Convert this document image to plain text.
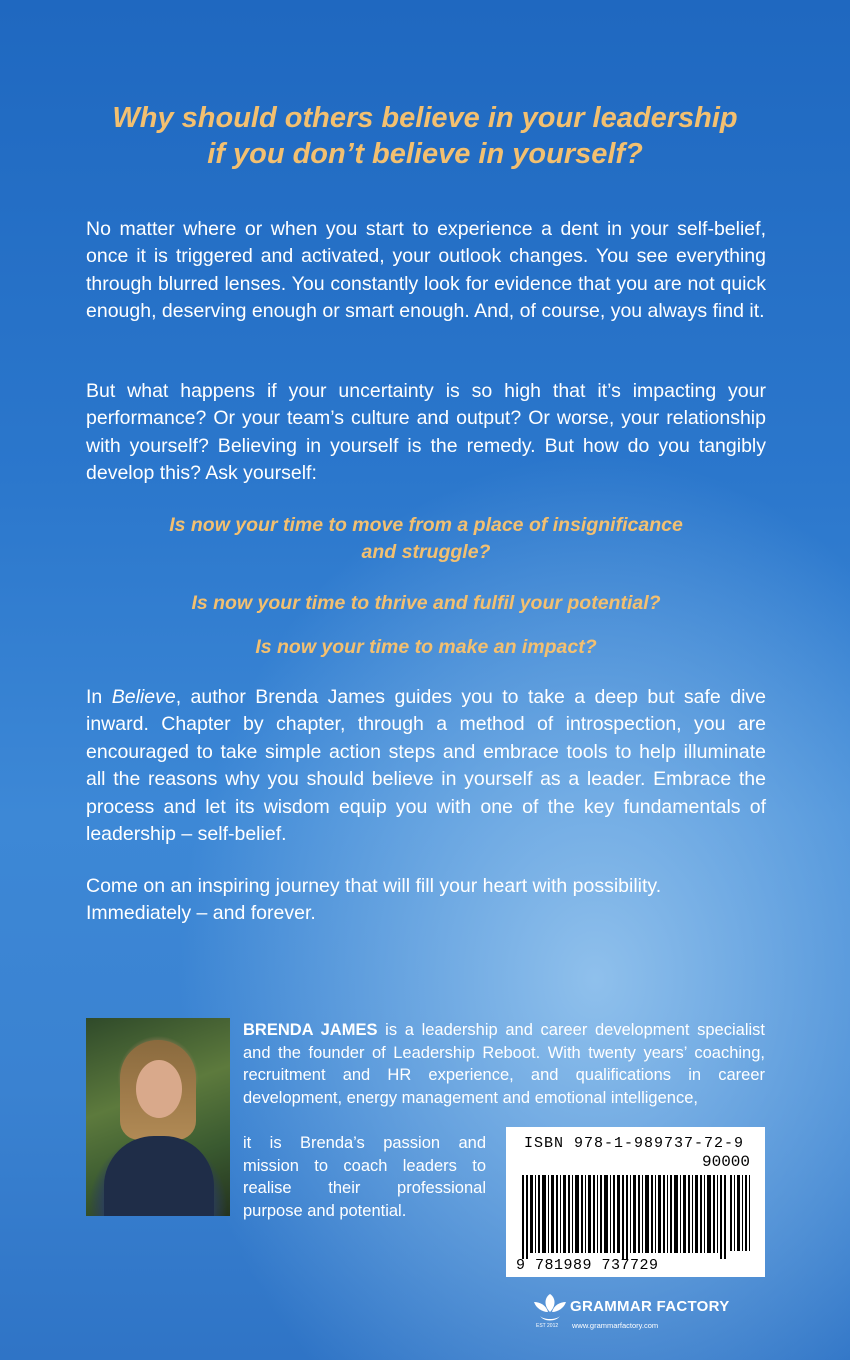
Why should others believe in your leadership
if you don’t believe in yourself?
No matter where or when you start to experience a dent in your self-belief, once it is triggered and activated, your outlook changes. You see everything through blurred lenses. You constantly look for evidence that you are not quick enough, deserving enough or smart enough. And, of course, you always find it.
But what happens if your uncertainty is so high that it’s impacting your performance? Or your team’s culture and output? Or worse, your relationship with yourself? Believing in yourself is the remedy. But how do you tangibly develop this? Ask yourself:
Is now your time to move from a place of insignificance
and struggle?
Is now your time to thrive and fulfil your potential?
Is now your time to make an impact?
In Believe, author Brenda James guides you to take a deep but safe dive inward. Chapter by chapter, through a method of introspection, you are encouraged to take simple action steps and embrace tools to help illuminate all the reasons why you should believe in yourself as a leader. Embrace the process and let its wisdom equip you with one of the key fundamentals of leadership – self-belief.
Come on an inspiring journey that will fill your heart with possibility. Immediately – and forever.
BRENDA JAMES is a leadership and career development specialist and the founder of Leadership Reboot. With twenty years’ coaching, recruitment and HR experience, and qualifications in career development, energy management and emotional intelligence,
it is Brenda’s passion and mission to coach leaders to realise their professional purpose and potential.
ISBN 978-1-989737-72-9
90000
9 781989 737729
GRAMMAR FACTORY
www.grammarfactory.com
EST 2012
